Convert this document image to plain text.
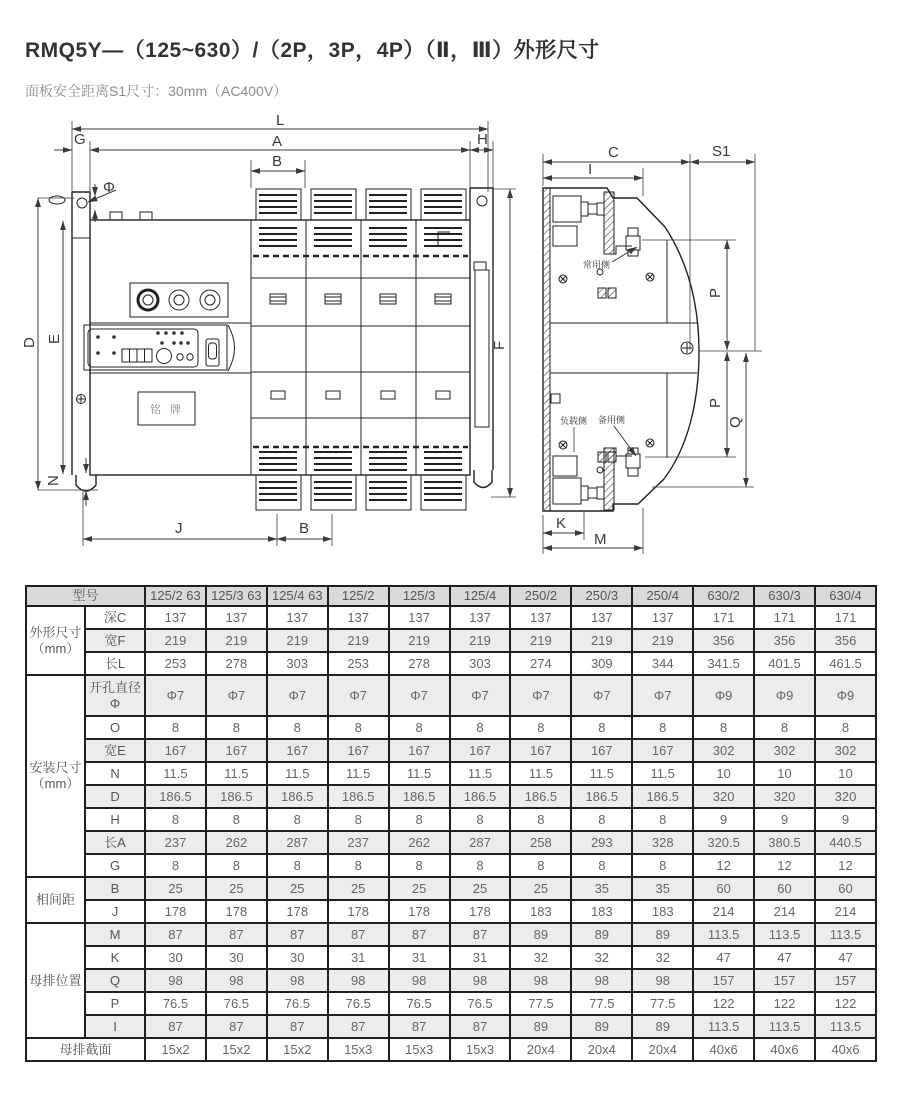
RMQ5Y—（125~630）/（2P，3P，4P）（Ⅱ，Ⅲ）外形尺寸
面板安全距离S1尺寸：30mm（AC400V）
L
A
G	H
B
Φ
铭 牌
D E
N
F
J	B
C	S1
I
常用侧
负载侧 备用侧
P
P
Q
K
M
型号		125/2 63	125/3 63	125/4 63	125/2	125/3	125/4	250/2	250/3	250/4	630/2	630/3	630/4
外形尺寸（mm）	深C	137	137	137	137	137	137	137	137	137	171	171	171
	宽F	219	219	219	219	219	219	219	219	219	356	356	356
	长L	253	278	303	253	278	303	274	309	344	341.5	401.5	461.5
安装尺寸（mm）	开孔直径Φ	Φ7	Φ7	Φ7	Φ7	Φ7	Φ7	Φ7	Φ7	Φ7	Φ9	Φ9	Φ9
	O	8	8	8	8	8	8	8	8	8	8	8	8
	宽E	167	167	167	167	167	167	167	167	167	302	302	302
	N	11.5	11.5	11.5	11.5	11.5	11.5	11.5	11.5	11.5	10	10	10
	D	186.5	186.5	186.5	186.5	186.5	186.5	186.5	186.5	186.5	320	320	320
	H	8	8	8	8	8	8	8	8	8	9	9	9
	长A	237	262	287	237	262	287	258	293	328	320.5	380.5	440.5
	G	8	8	8	8	8	8	8	8	8	12	12	12
相间距	B	25	25	25	25	25	25	25	35	35	60	60	60
	J	178	178	178	178	178	178	183	183	183	214	214	214
母排位置	M	87	87	87	87	87	87	89	89	89	113.5	113.5	113.5
	K	30	30	30	31	31	31	32	32	32	47	47	47
	Q	98	98	98	98	98	98	98	98	98	157	157	157
	P	76.5	76.5	76.5	76.5	76.5	76.5	77.5	77.5	77.5	122	122	122
	I	87	87	87	87	87	87	89	89	89	113.5	113.5	113.5
母排截面		15x2	15x2	15x2	15x3	15x3	15x3	20x4	20x4	20x4	40x6	40x6	40x6
